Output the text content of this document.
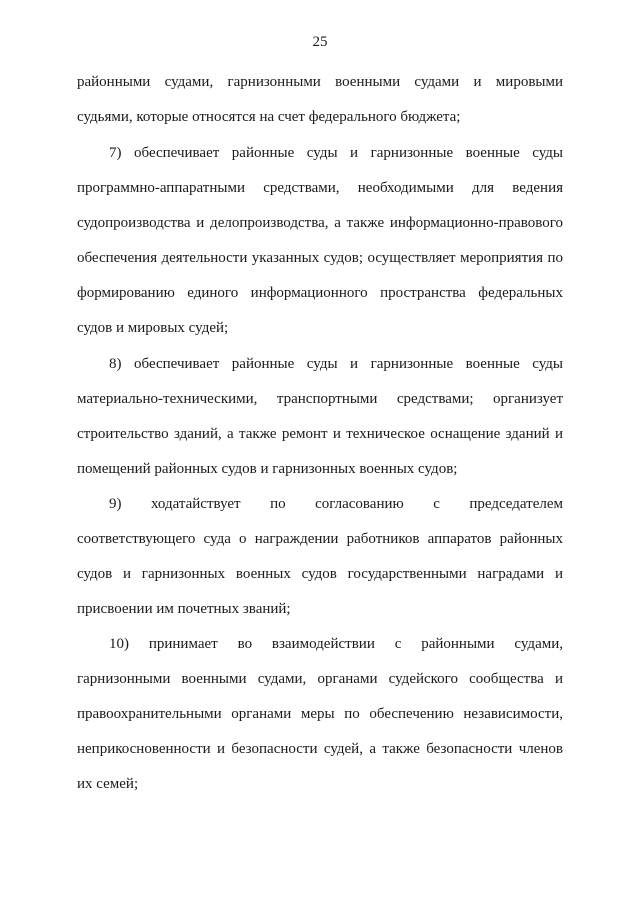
25
районными судами, гарнизонными военными судами и мировыми
судьями, которые относятся на счет федерального бюджета;
7) обеспечивает районные суды и гарнизонные военные суды
программно-аппаратными средствами, необходимыми для ведения
судопроизводства и делопроизводства, а также информационно-правового
обеспечения деятельности указанных судов; осуществляет мероприятия по
формированию единого информационного пространства федеральных
судов и мировых судей;
8) обеспечивает районные суды и гарнизонные военные суды
материально-техническими, транспортными средствами; организует
строительство зданий, а также ремонт и техническое оснащение зданий и
помещений районных судов и гарнизонных военных судов;
9) ходатайствует по согласованию с председателем
соответствующего суда о награждении работников аппаратов районных
судов и гарнизонных военных судов государственными наградами и
присвоении им почетных званий;
10) принимает во взаимодействии с районными судами,
гарнизонными военными судами, органами судейского сообщества и
правоохранительными органами меры по обеспечению независимости,
неприкосновенности и безопасности судей, а также безопасности членов
их семей;
